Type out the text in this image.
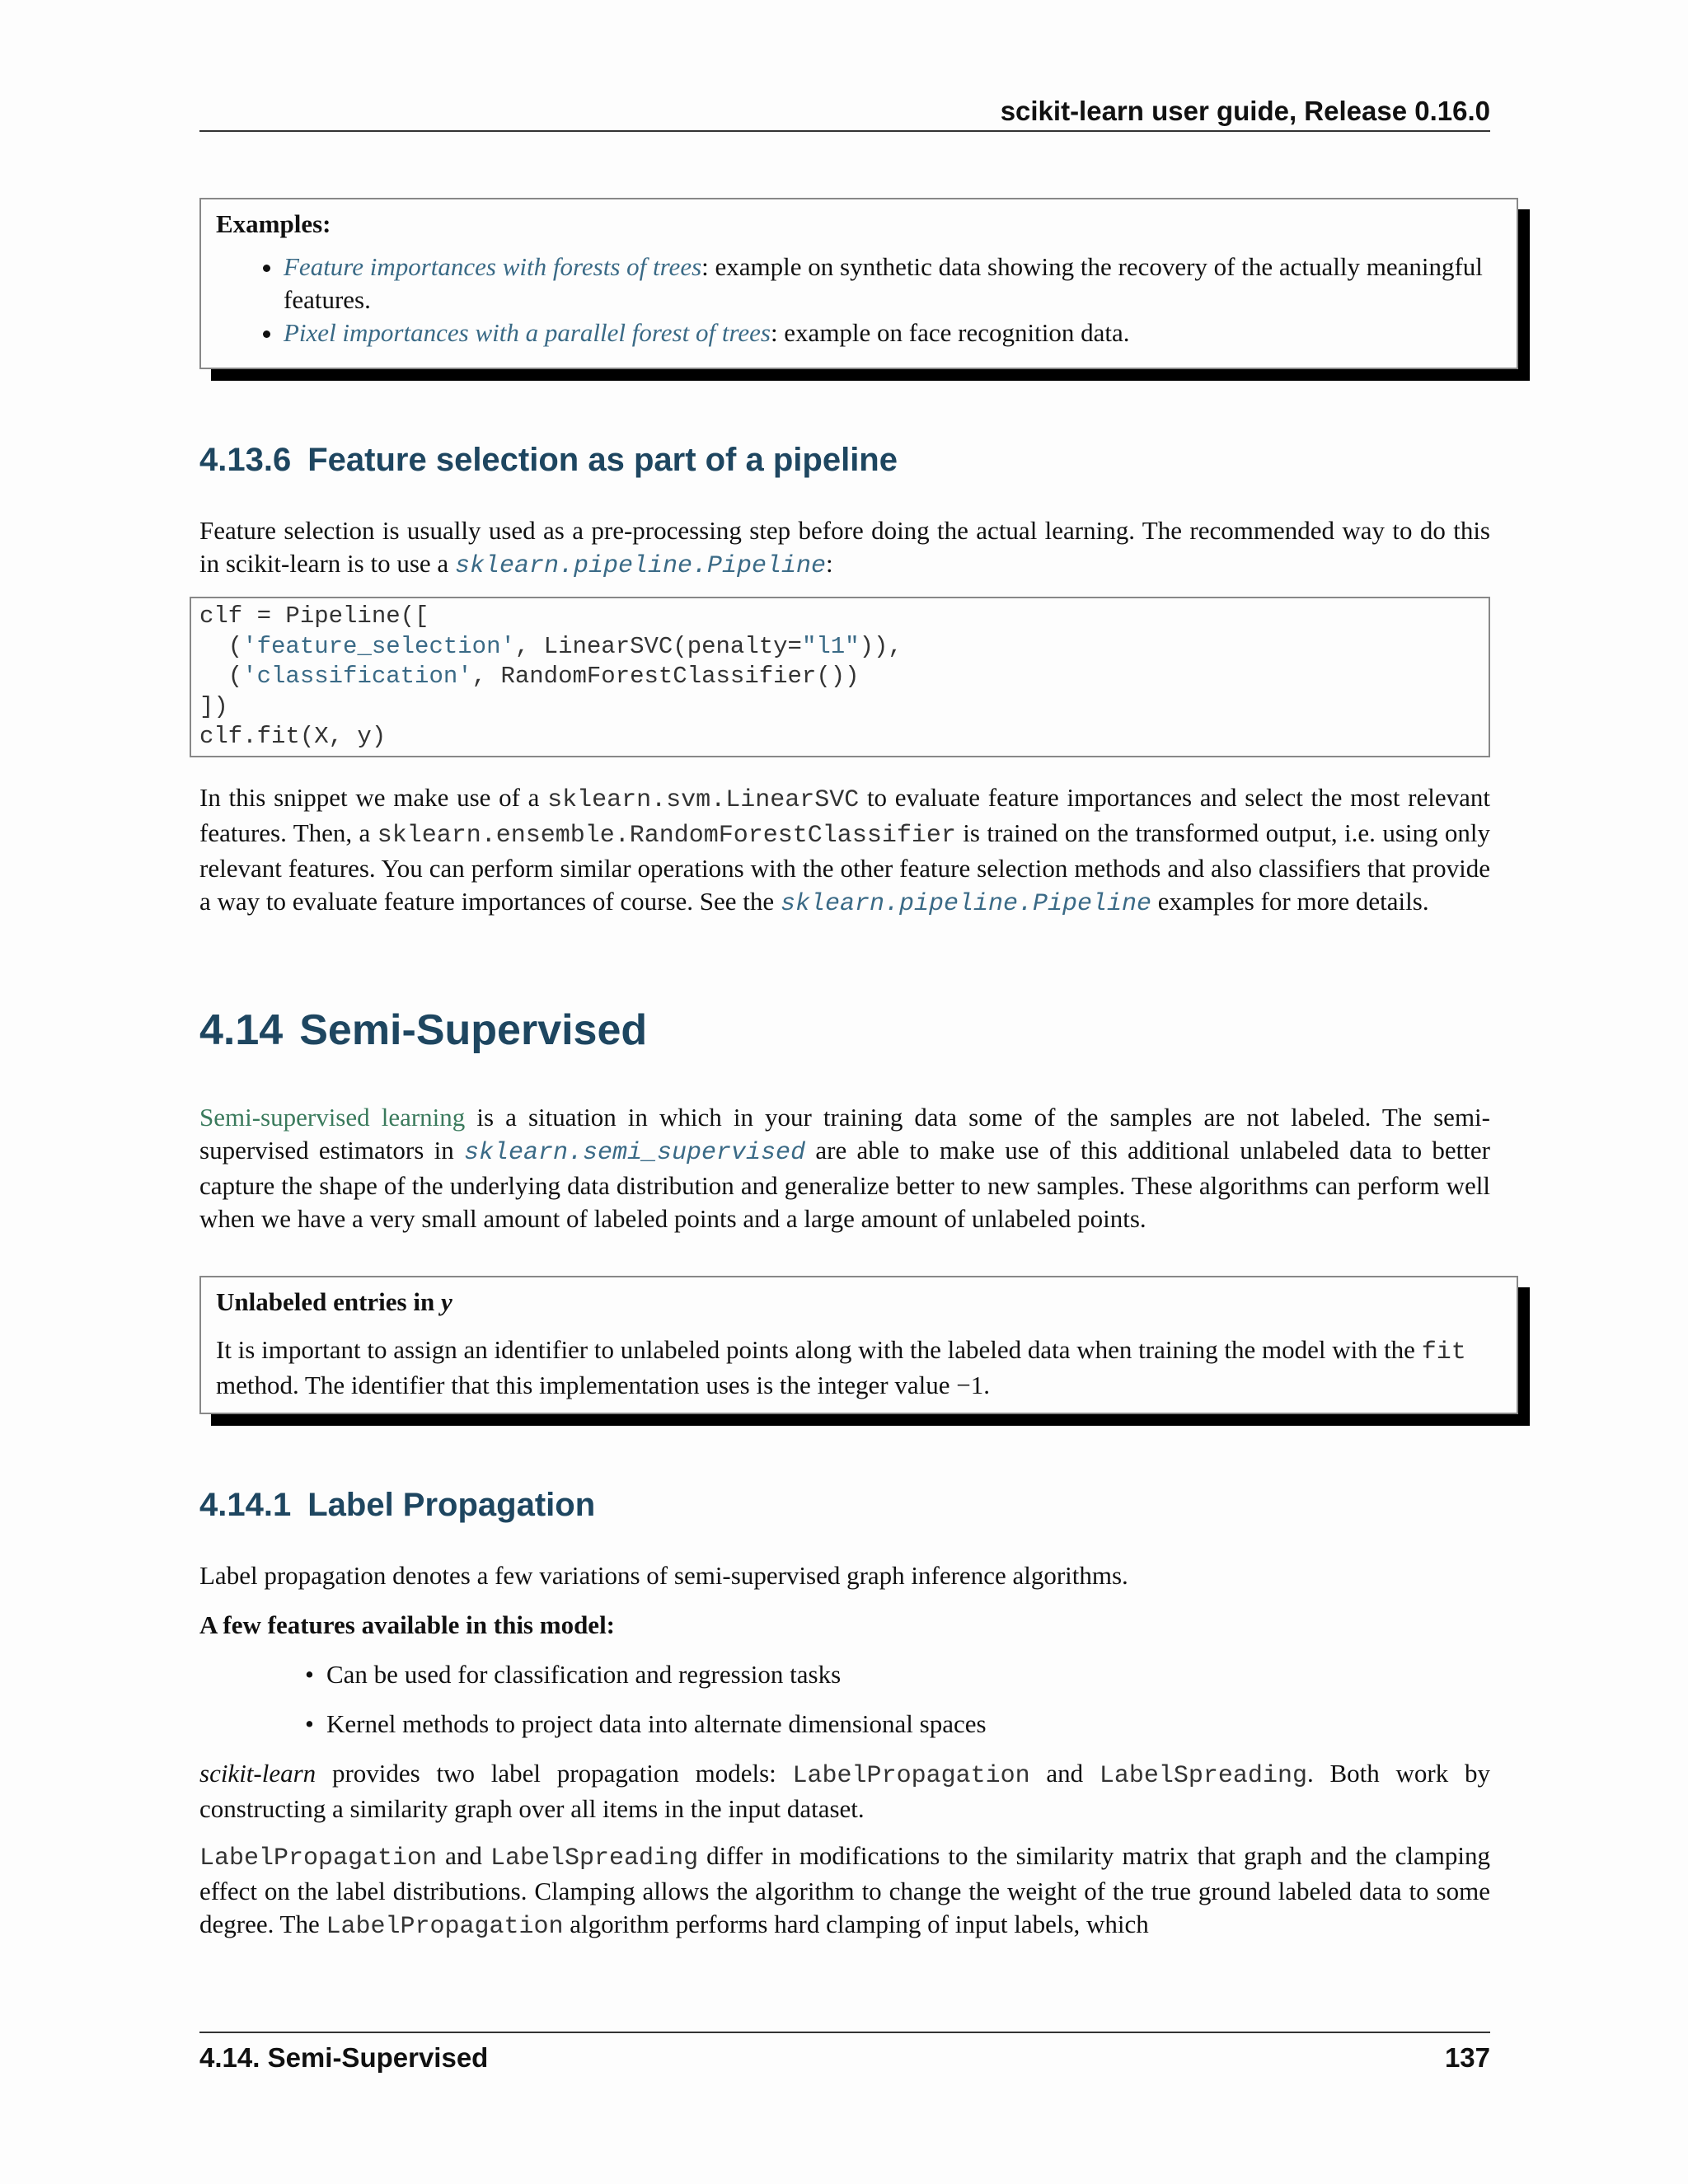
scikit-learn user guide, Release 0.16.0

Examples:

• Feature importances with forests of trees: example on synthetic data showing the recovery of the actually meaningful features.
• Pixel importances with a parallel forest of trees: example on face recognition data.
4.13.6 Feature selection as part of a pipeline

Feature selection is usually used as a pre-processing step before doing the actual learning. The recommended way to do this in scikit-learn is to use a sklearn.pipeline.Pipeline:

clf = Pipeline([
('feature_selection', LinearSVC(penalty="l1")),
('classification', RandomForestClassifier())
])
clf.fit(X, y)

In this snippet we make use of a sklearn.svm.LinearSVC to evaluate feature importances and select the most relevant features. Then, a sklearn.ensemble.RandomForestClassifier is trained on the transformed output, i.e. using only relevant features. You can perform similar operations with the other feature selection methods and also classifiers that provide a way to evaluate feature importances of course. See the sklearn.pipeline.Pipeline examples for more details.

4.14 Semi-Supervised

Semi-supervised learning is a situation in which in your training data some of the samples are not labeled. The semi-supervised estimators in sklearn.semi_supervised are able to make use of this additional unlabeled data to better capture the shape of the underlying data distribution and generalize better to new samples. These algorithms can perform well when we have a very small amount of labeled points and a large amount of unlabeled points.

Unlabeled entries in y

It is important to assign an identifier to unlabeled points along with the labeled data when training the model with the fit method. The identifier that this implementation uses is the integer value −1.

4.14.1 Label Propagation

Label propagation denotes a few variations of semi-supervised graph inference algorithms.

A few features available in this model:

• Can be used for classification and regression tasks
• Kernel methods to project data into alternate dimensional spaces

scikit-learn provides two label propagation models: LabelPropagation and LabelSpreading. Both work by constructing a similarity graph over all items in the input dataset.

LabelPropagation and LabelSpreading differ in modifications to the similarity matrix that graph and the clamping effect on the label distributions. Clamping allows the algorithm to change the weight of the true ground labeled data to some degree. The LabelPropagation algorithm performs hard clamping of input labels, which

4.14. Semi-Supervised	137
